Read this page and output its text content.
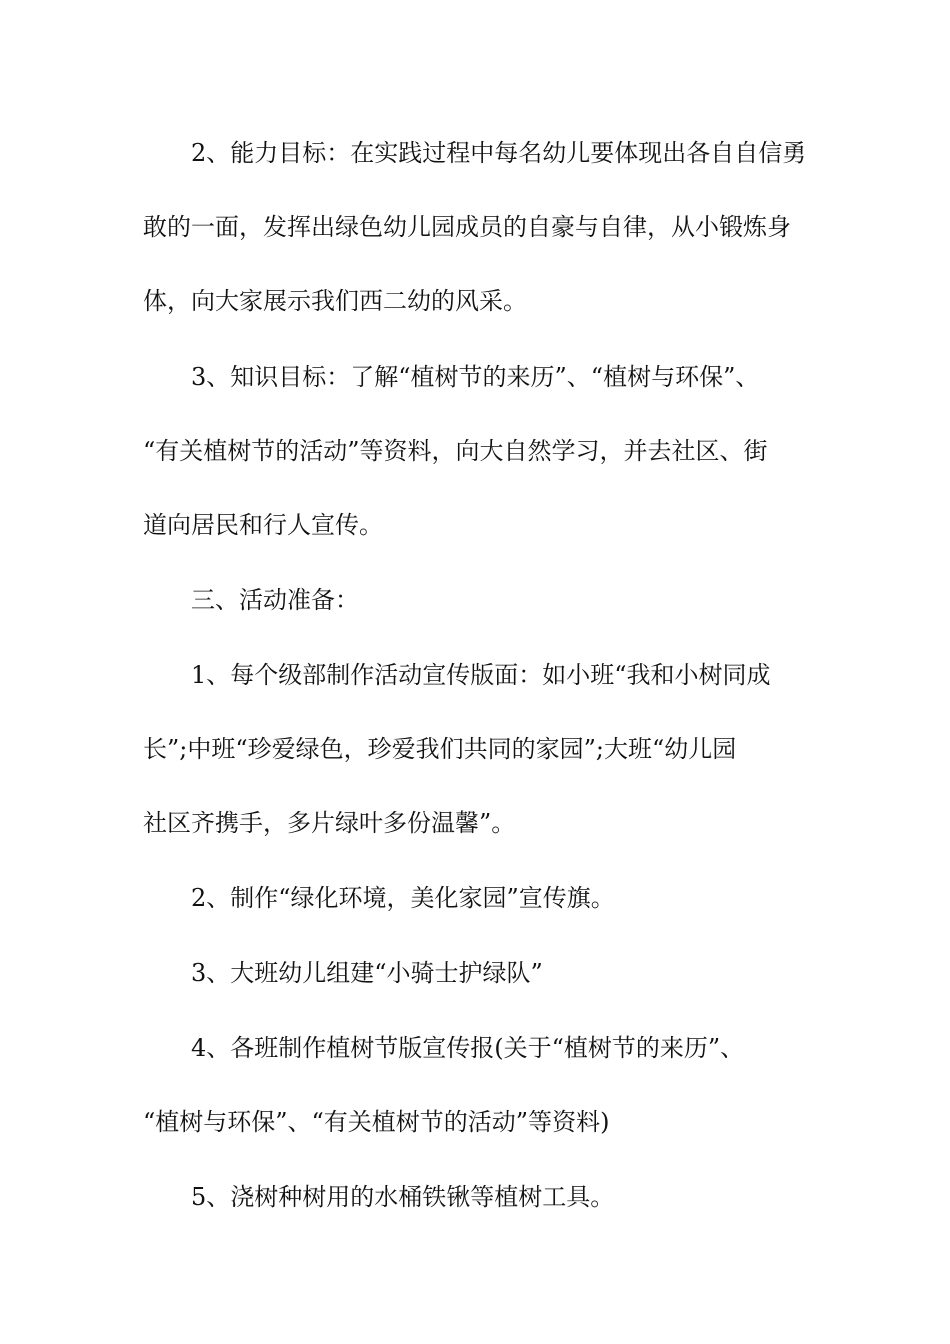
2、能力目标：在实践过程中每名幼儿要体现出各自自信勇
敢的一面，发挥出绿色幼儿园成员的自豪与自律，从小锻炼身
体，向大家展示我们西二幼的风采。
3、知识目标：了解“植树节的来历”、“植树与环保”、
“有关植树节的活动”等资料，向大自然学习，并去社区、街
道向居民和行人宣传。
三、活动准备：
1、每个级部制作活动宣传版面：如小班“我和小树同成
长”;中班“珍爱绿色，珍爱我们共同的家园”;大班“幼儿园
社区齐携手，多片绿叶多份温馨”。
2、制作“绿化环境，美化家园”宣传旗。
3、大班幼儿组建“小骑士护绿队”
4、各班制作植树节版宣传报(关于“植树节的来历”、
“植树与环保”、“有关植树节的活动”等资料)
5、浇树种树用的水桶铁锹等植树工具。
